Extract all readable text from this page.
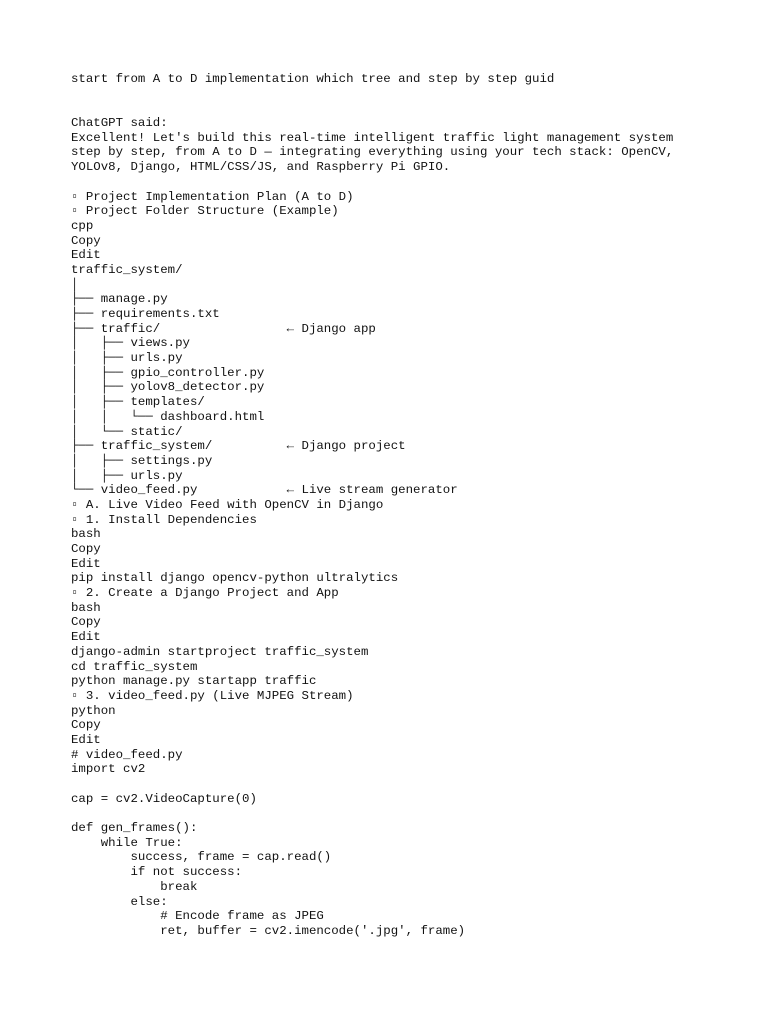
start from A to D implementation which tree and step by step guid
ChatGPT said:
Excellent! Let's build this real-time intelligent traffic light management system
step by step, from A to D — integrating everything using your tech stack: OpenCV,
YOLOv8, Django, HTML/CSS/JS, and Raspberry Pi GPIO.
▫ Project Implementation Plan (A to D)
▫ Project Folder Structure (Example)
cpp
Copy
Edit
traffic_system/
│
├── manage.py
├── requirements.txt
├── traffic/                 ← Django app
│   ├── views.py
│   ├── urls.py
│   ├── gpio_controller.py
│   ├── yolov8_detector.py
│   ├── templates/
│   │   └── dashboard.html
│   └── static/
├── traffic_system/          ← Django project
│   ├── settings.py
│   ├── urls.py
└── video_feed.py            ← Live stream generator
▫ A. Live Video Feed with OpenCV in Django
▫ 1. Install Dependencies
bash
Copy
Edit
pip install django opencv-python ultralytics
▫ 2. Create a Django Project and App
bash
Copy
Edit
django-admin startproject traffic_system
cd traffic_system
python manage.py startapp traffic
▫ 3. video_feed.py (Live MJPEG Stream)
python
Copy
Edit
# video_feed.py
import cv2
cap = cv2.VideoCapture(0)
def gen_frames():
while True:
success, frame = cap.read()
if not success:
break
else:
# Encode frame as JPEG
ret, buffer = cv2.imencode('.jpg', frame)
